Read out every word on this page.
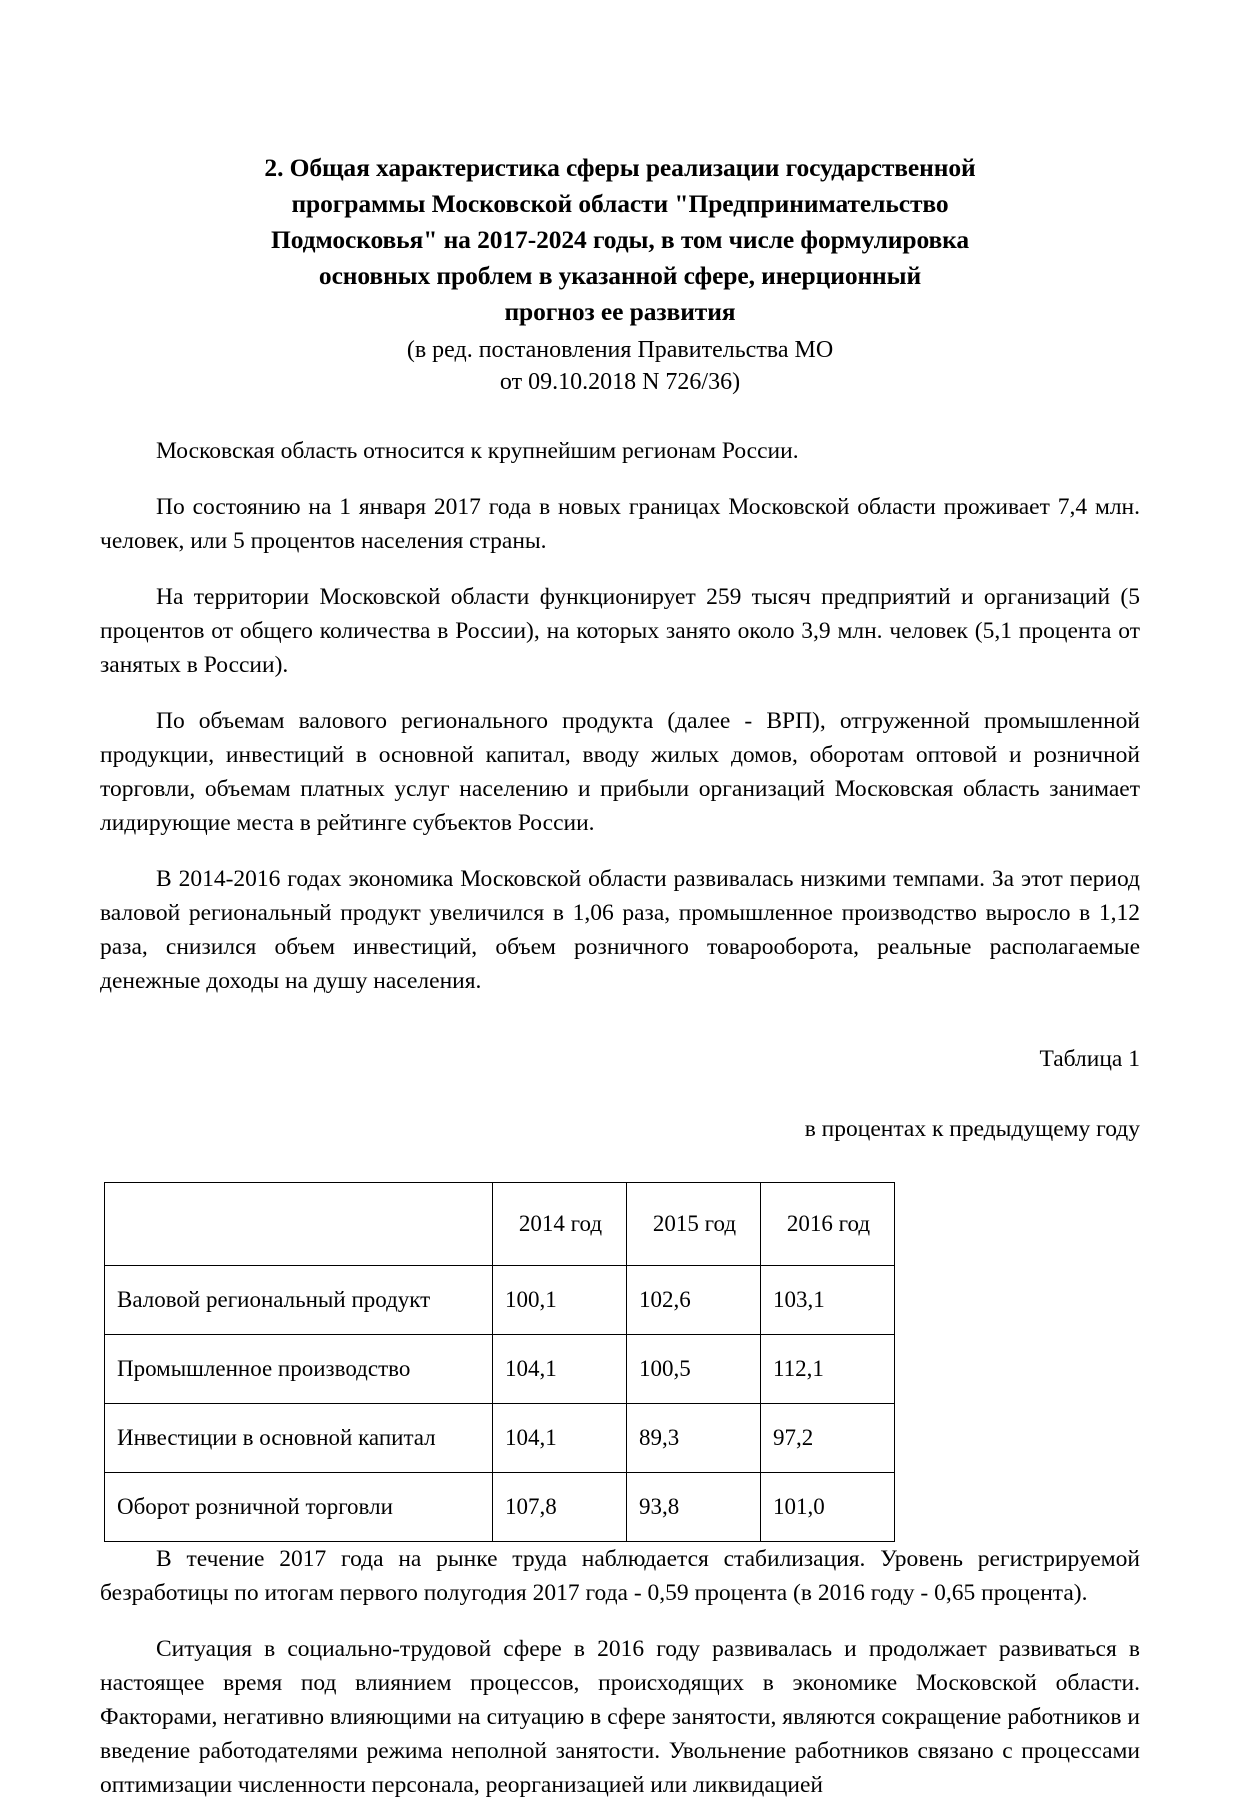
2. Общая характеристика сферы реализации государственной
программы Московской области "Предпринимательство
Подмосковья" на 2017-2024 годы, в том числе формулировка
основных проблем в указанной сфере, инерционный
прогноз ее развития
(в ред. постановления Правительства МО
от 09.10.2018 N 726/36)

Московская область относится к крупнейшим регионам России.

По состоянию на 1 января 2017 года в новых границах Московской области проживает 7,4 млн. человек, или 5 процентов населения страны.

На территории Московской области функционирует 259 тысяч предприятий и организаций (5 процентов от общего количества в России), на которых занято около 3,9 млн. человек (5,1 процента от занятых в России).

По объемам валового регионального продукта (далее - ВРП), отгруженной промышленной продукции, инвестиций в основной капитал, вводу жилых домов, оборотам оптовой и розничной торговли, объемам платных услуг населению и прибыли организаций Московская область занимает лидирующие места в рейтинге субъектов России.

В 2014-2016 годах экономика Московской области развивалась низкими темпами. За этот период валовой региональный продукт увеличился в 1,06 раза, промышленное производство выросло в 1,12 раза, снизился объем инвестиций, объем розничного товарооборота, реальные располагаемые денежные доходы на душу населения.

Таблица 1
в процентах к предыдущему году
	2014 год	2015 год	2016 год
Валовой региональный продукт	100,1	102,6	103,1
Промышленное производство	104,1	100,5	112,1
Инвестиции в основной капитал	104,1	89,3	97,2
Оборот розничной торговли	107,8	93,8	101,0

В течение 2017 года на рынке труда наблюдается стабилизация. Уровень регистрируемой безработицы по итогам первого полугодия 2017 года - 0,59 процента (в 2016 году - 0,65 процента).

Ситуация в социально-трудовой сфере в 2016 году развивалась и продолжает развиваться в настоящее время под влиянием процессов, происходящих в экономике Московской области. Факторами, негативно влияющими на ситуацию в сфере занятости, являются сокращение работников и введение работодателями режима неполной занятости. Увольнение работников связано с процессами оптимизации численности персонала, реорганизацией или ликвидацией
